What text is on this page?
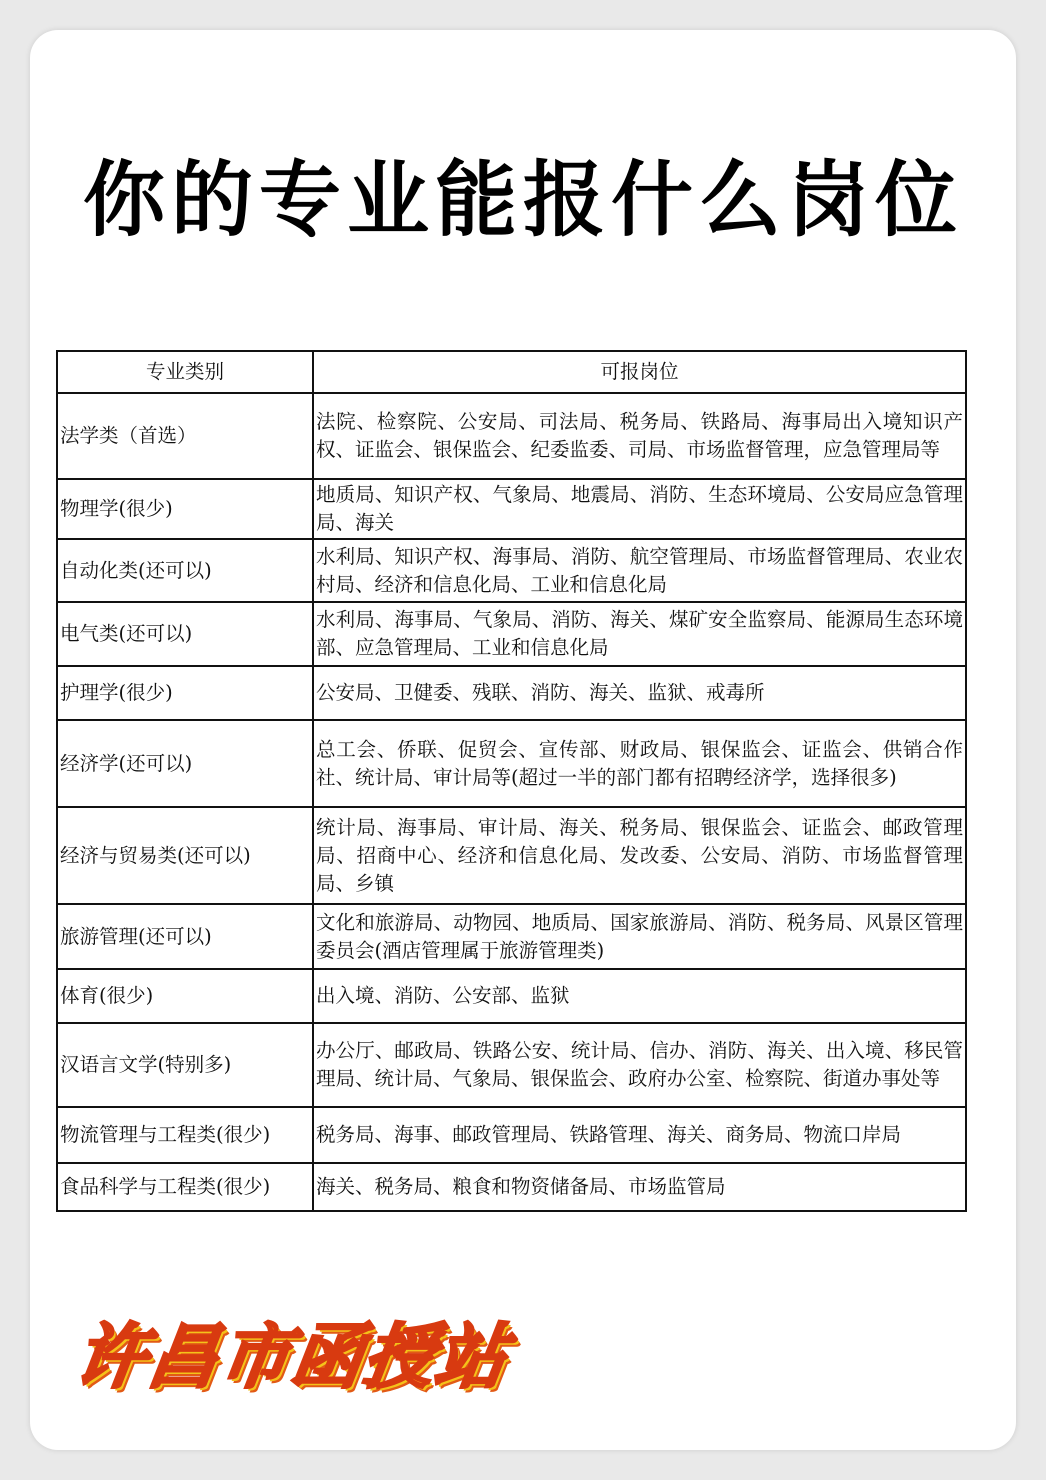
你的专业能报什么岗位
专业类别	可报岗位
法学类（首选）	法院、检察院、公安局、司法局、税务局、铁路局、海事局出入境知识产权、证监会、银保监会、纪委监委、司局、市场监督管理，应急管理局等
物理学(很少)	地质局、知识产权、气象局、地震局、消防、生态环境局、公安局应急管理局、海关
自动化类(还可以)	水利局、知识产权、海事局、消防、航空管理局、市场监督管理局、农业农村局、经济和信息化局、工业和信息化局
电气类(还可以)	水利局、海事局、气象局、消防、海关、煤矿安全监察局、能源局生态环境部、应急管理局、工业和信息化局
护理学(很少)	公安局、卫健委、残联、消防、海关、监狱、戒毒所
经济学(还可以)	总工会、侨联、促贸会、宣传部、财政局、银保监会、证监会、供销合作社、统计局、审计局等(超过一半的部门都有招聘经济学，选择很多)
经济与贸易类(还可以)	统计局、海事局、审计局、海关、税务局、银保监会、证监会、邮政管理局、招商中心、经济和信息化局、发改委、公安局、消防、市场监督管理局、乡镇
旅游管理(还可以)	文化和旅游局、动物园、地质局、国家旅游局、消防、税务局、风景区管理委员会(酒店管理属于旅游管理类)
体育(很少)	出入境、消防、公安部、监狱
汉语言文学(特别多)	办公厅、邮政局、铁路公安、统计局、信办、消防、海关、出入境、移民管理局、统计局、气象局、银保监会、政府办公室、检察院、街道办事处等
物流管理与工程类(很少)	税务局、海事、邮政管理局、铁路管理、海关、商务局、物流口岸局
食品科学与工程类(很少)	海关、税务局、粮食和物资储备局、市场监管局
许昌市函授站
